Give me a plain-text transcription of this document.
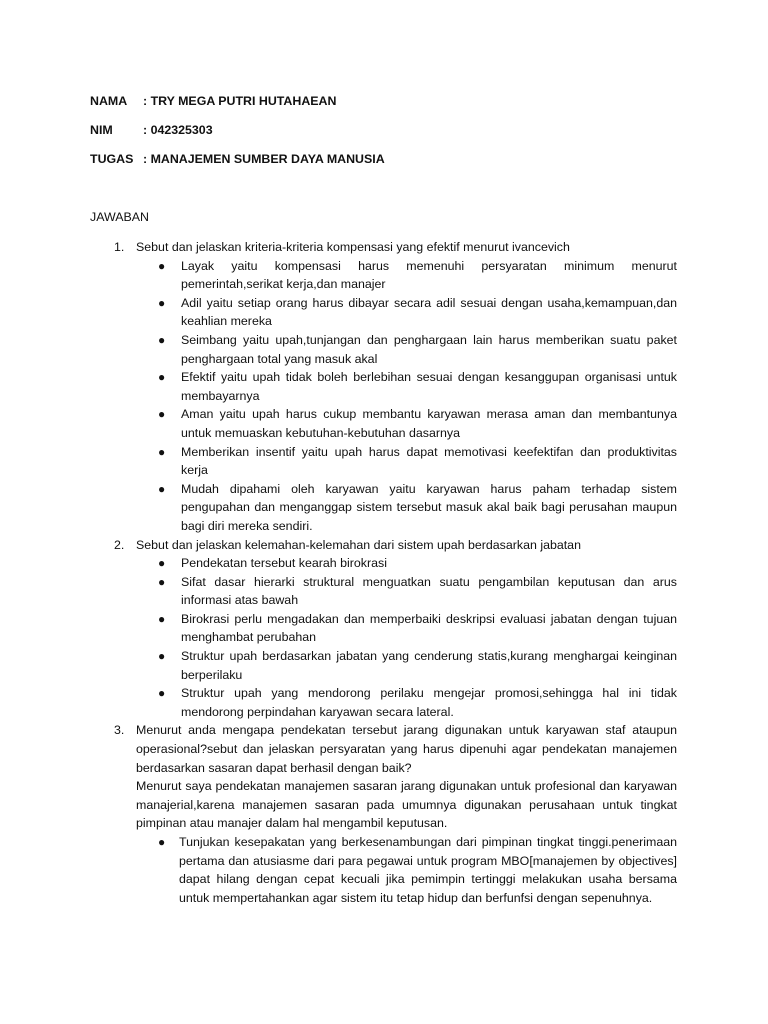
NAMA : TRY MEGA PUTRI HUTAHAEAN
NIM : 042325303
TUGAS : MANAJEMEN SUMBER DAYA MANUSIA
JAWABAN
1. Sebut dan jelaskan kriteria-kriteria kompensasi yang efektif menurut ivancevich

● Layak yaitu kompensasi harus memenuhi persyaratan minimum menurut pemerintah,serikat kerja,dan manajer
● Adil yaitu setiap orang harus dibayar secara adil sesuai dengan usaha,kemampuan,dan keahlian mereka
● Seimbang yaitu upah,tunjangan dan penghargaan lain harus memberikan suatu paket penghargaan total yang masuk akal
● Efektif yaitu upah tidak boleh berlebihan sesuai dengan kesanggupan organisasi untuk membayarnya
● Aman yaitu upah harus cukup membantu karyawan merasa aman dan membantunya untuk memuaskan kebutuhan-kebutuhan dasarnya
● Memberikan insentif yaitu upah harus dapat memotivasi keefektifan dan produktivitas kerja
● Mudah dipahami oleh karyawan yaitu karyawan harus paham terhadap sistem pengupahan dan menganggap sistem tersebut masuk akal baik bagi perusahan maupun bagi diri mereka sendiri.
2. Sebut dan jelaskan kelemahan-kelemahan dari sistem upah berdasarkan jabatan

● Pendekatan tersebut kearah birokrasi
● Sifat dasar hierarki struktural menguatkan suatu pengambilan keputusan dan arus informasi atas bawah
● Birokrasi perlu mengadakan dan memperbaiki deskripsi evaluasi jabatan dengan tujuan menghambat perubahan
● Struktur upah berdasarkan jabatan yang cenderung statis,kurang menghargai keinginan berperilaku
● Struktur upah yang mendorong perilaku mengejar promosi,sehingga hal ini tidak mendorong perpindahan karyawan secara lateral.
3. Menurut anda mengapa pendekatan tersebut jarang digunakan untuk karyawan staf ataupun operasional?sebut dan jelaskan persyaratan yang harus dipenuhi agar pendekatan manajemen berdasarkan sasaran dapat berhasil dengan baik?

Menurut saya pendekatan manajemen sasaran jarang digunakan untuk profesional dan karyawan manajerial,karena manajemen sasaran pada umumnya digunakan perusahaan untuk tingkat pimpinan atau manajer dalam hal mengambil keputusan.

● Tunjukan kesepakatan yang berkesenambungan dari pimpinan tingkat tinggi.penerimaan pertama dan atusiasme dari para pegawai untuk program MBO[manajemen by objectives] dapat hilang dengan cepat kecuali jika pemimpin tertinggi melakukan usaha bersama untuk mempertahankan agar sistem itu tetap hidup dan berfunfsi dengan sepenuhnya.
